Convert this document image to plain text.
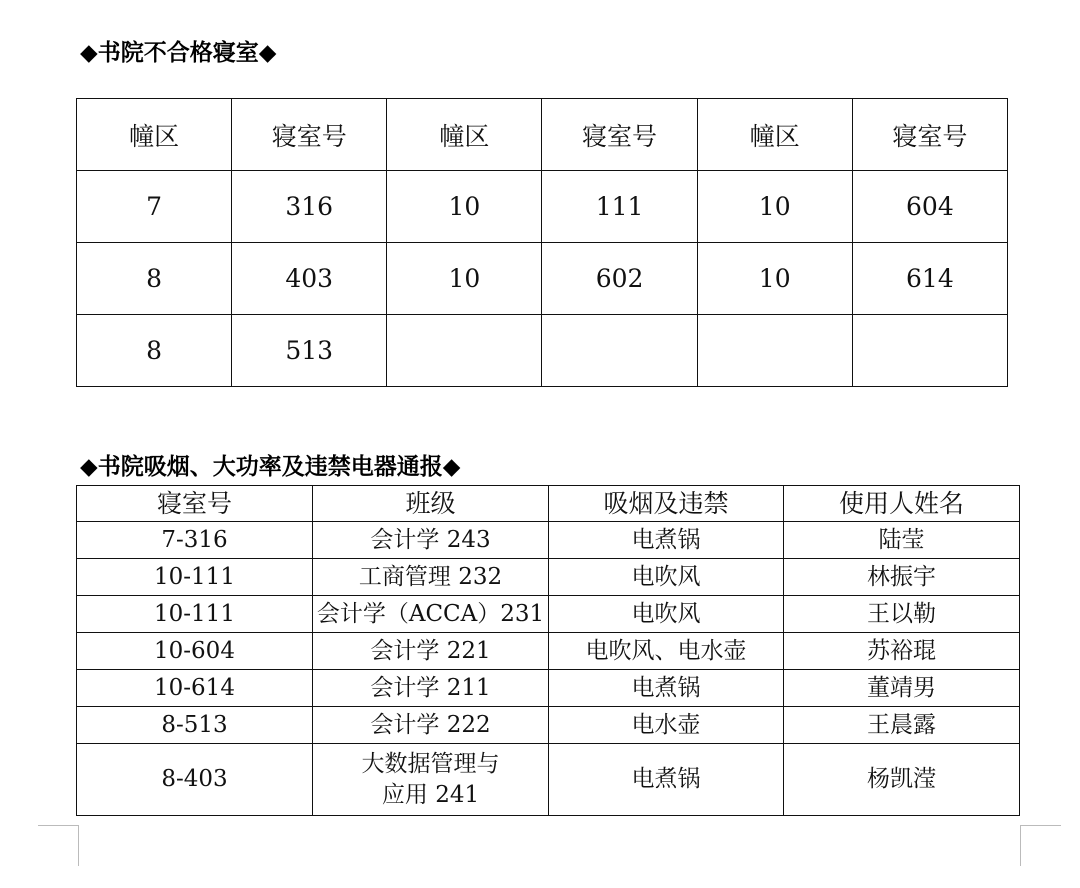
◆书院不合格寝室◆

幢区	寝室号	幢区	寝室号	幢区	寝室号
7	316	10	111	10	604
8	403	10	602	10	614
8	513				

◆书院吸烟、大功率及违禁电器通报◆

寝室号	班级	吸烟及违禁	使用人姓名
7-316	会计学 243	电煮锅	陆莹
10-111	工商管理 232	电吹风	林振宇
10-111	会计学（ACCA）231	电吹风	王以勒
10-604	会计学 221	电吹风、电水壶	苏裕琨
10-614	会计学 211	电煮锅	董靖男
8-513	会计学 222	电水壶	王晨露
8-403	大数据管理与应用 241	电煮锅	杨凯滢
